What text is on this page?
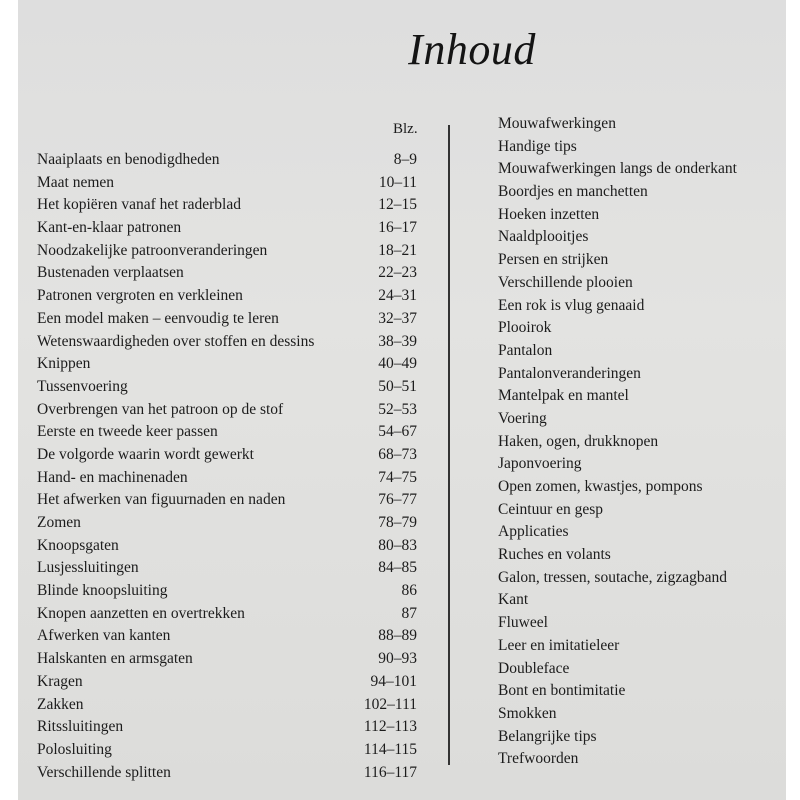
Inhoud
Blz.
Naaiplaats en benodigdheden	8–9
Maat nemen	10–11
Het kopiëren vanaf het raderblad	12–15
Kant-en-klaar patronen	16–17
Noodzakelijke patroonveranderingen	18–21
Bustenaden verplaatsen	22–23
Patronen vergroten en verkleinen	24–31
Een model maken – eenvoudig te leren	32–37
Wetenswaardigheden over stoffen en dessins	38–39
Knippen	40–49
Tussenvoering	50–51
Overbrengen van het patroon op de stof	52–53
Eerste en tweede keer passen	54–67
De volgorde waarin wordt gewerkt	68–73
Hand- en machinenaden	74–75
Het afwerken van figuurnaden en naden	76–77
Zomen	78–79
Knoopsgaten	80–83
Lusjessluitingen	84–85
Blinde knoopsluiting	86
Knopen aanzetten en overtrekken	87
Afwerken van kanten	88–89
Halskanten en armsgaten	90–93
Kragen	94–101
Zakken	102–111
Ritssluitingen	112–113
Polosluiting	114–115
Verschillende splitten	116–117
Mouwafwerkingen
Handige tips
Mouwafwerkingen langs de onderkant
Boordjes en manchetten
Hoeken inzetten
Naaldplooitjes
Persen en strijken
Verschillende plooien
Een rok is vlug genaaid
Plooirok
Pantalon
Pantalonveranderingen
Mantelpak en mantel
Voering
Haken, ogen, drukknopen
Japonvoering
Open zomen, kwastjes, pompons
Ceintuur en gesp
Applicaties
Ruches en volants
Galon, tressen, soutache, zigzagband
Kant
Fluweel
Leer en imitatieleer
Doubleface
Bont en bontimitatie
Smokken
Belangrijke tips
Trefwoorden
